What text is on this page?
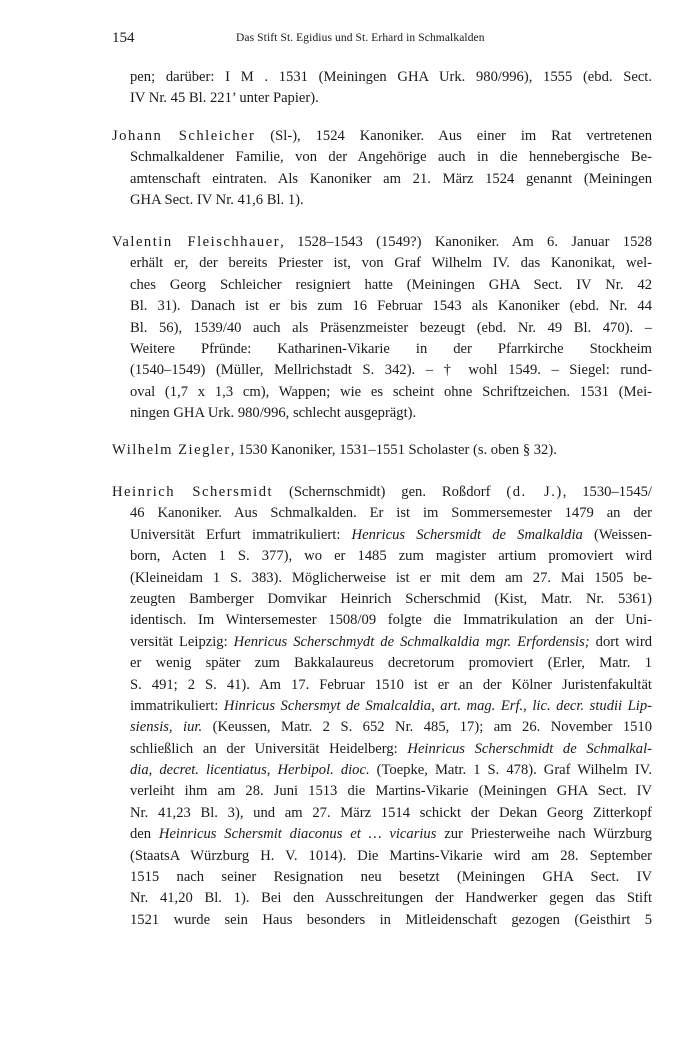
154	Das Stift St. Egidius und St. Erhard in Schmalkalden
pen; darüber: I M . 1531 (Meiningen GHA Urk. 980/996), 1555 (ebd. Sect.
IV Nr. 45 Bl. 221’ unter Papier).
Johann Schleicher (Sl-), 1524 Kanoniker. Aus einer im Rat vertretenen
Schmalkaldener Familie, von der Angehörige auch in die hennebergische Be-
amtenschaft eintraten. Als Kanoniker am 21. März 1524 genannt (Meiningen
GHA Sect. IV Nr. 41,6 Bl. 1).
Valentin Fleischhauer, 1528–1543 (1549?) Kanoniker. Am 6. Januar 1528
erhält er, der bereits Priester ist, von Graf Wilhelm IV. das Kanonikat, wel-
ches Georg Schleicher resigniert hatte (Meiningen GHA Sect. IV Nr. 42
Bl. 31). Danach ist er bis zum 16 Februar 1543 als Kanoniker (ebd. Nr. 44
Bl. 56), 1539/40 auch als Präsenzmeister bezeugt (ebd. Nr. 49 Bl. 470). –
Weitere Pfründe: Katharinen-Vikarie in der Pfarrkirche Stockheim
(1540–1549) (Müller, Mellrichstadt S. 342). – † wohl 1549. – Siegel: rund-
oval (1,7 x 1,3 cm), Wappen; wie es scheint ohne Schriftzeichen. 1531 (Mei-
ningen GHA Urk. 980/996, schlecht ausgeprägt).
Wilhelm Ziegler, 1530 Kanoniker, 1531–1551 Scholaster (s. oben § 32).
Heinrich Schersmidt (Schernschmidt) gen. Roßdorf (d. J.), 1530–1545/
46 Kanoniker. Aus Schmalkalden. Er ist im Sommersemester 1479 an der
Universität Erfurt immatrikuliert: Henricus Schersmidt de Smalkaldia (Weissen-
born, Acten 1 S. 377), wo er 1485 zum magister artium promoviert wird
(Kleineidam 1 S. 383). Möglicherweise ist er mit dem am 27. Mai 1505 be-
zeugten Bamberger Domvikar Heinrich Scherschmid (Kist, Matr. Nr. 5361)
identisch. Im Wintersemester 1508/09 folgte die Immatrikulation an der Uni-
versität Leipzig: Henricus Scherschmydt de Schmalkaldia mgr. Erfordensis; dort wird
er wenig später zum Bakkalaureus decretorum promoviert (Erler, Matr. 1
S. 491; 2 S. 41). Am 17. Februar 1510 ist er an der Kölner Juristenfakultät
immatrikuliert: Hinricus Schersmyt de Smalcaldia, art. mag. Erf., lic. decr. studii Lip-
siensis, iur. (Keussen, Matr. 2 S. 652 Nr. 485, 17); am 26. November 1510
schließlich an der Universität Heidelberg: Heinricus Scherschmidt de Schmalkal-
dia, decret. licentiatus, Herbipol. dioc. (Toepke, Matr. 1 S. 478). Graf Wilhelm IV.
verleiht ihm am 28. Juni 1513 die Martins-Vikarie (Meiningen GHA Sect. IV
Nr. 41,23 Bl. 3), und am 27. März 1514 schickt der Dekan Georg Zitterkopf
den Heinricus Schersmit diaconus et … vicarius zur Priesterweihe nach Würzburg
(StaatsA Würzburg H. V. 1014). Die Martins-Vikarie wird am 28. September
1515 nach seiner Resignation neu besetzt (Meiningen GHA Sect. IV
Nr. 41,20 Bl. 1). Bei den Ausschreitungen der Handwerker gegen das Stift
1521 wurde sein Haus besonders in Mitleidenschaft gezogen (Geisthirt 5
